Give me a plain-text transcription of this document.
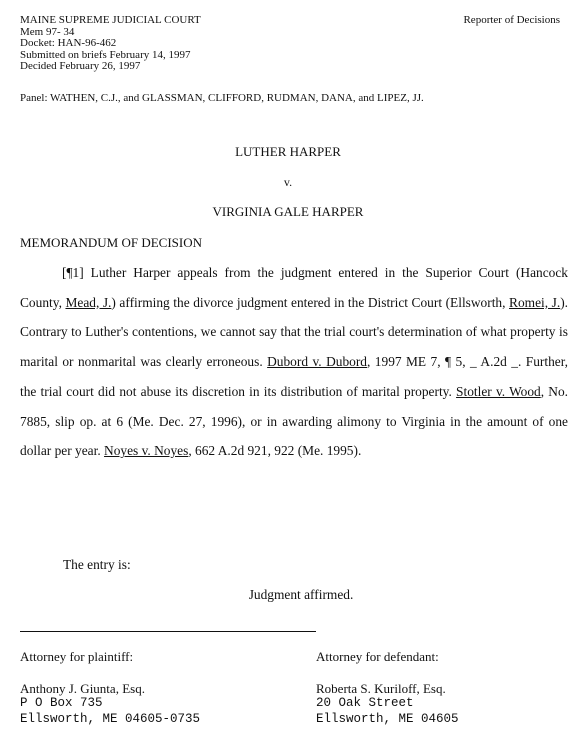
MAINE SUPREME JUDICIAL COURT
Mem 97- 34
Docket: HAN-96-462
Submitted on briefs February 14, 1997
Decided February 26, 1997
Reporter of Decisions
Panel: WATHEN, C.J., and GLASSMAN, CLIFFORD, RUDMAN, DANA, and LIPEZ, JJ.
LUTHER HARPER
v.
VIRGINIA GALE HARPER
MEMORANDUM OF DECISION

[¶1] Luther Harper appeals from the judgment entered in the Superior Court (Hancock County, Mead, J.) affirming the divorce judgment entered in the District Court (Ellsworth, Romei, J.). Contrary to Luther's contentions, we cannot say that the trial court's determination of what property is marital or nonmarital was clearly erroneous. Dubord v. Dubord, 1997 ME 7, ¶ 5, _ A.2d _. Further, the trial court did not abuse its discretion in its distribution of marital property. Stotler v. Wood, No. 7885, slip op. at 6 (Me. Dec. 27, 1996), or in awarding alimony to Virginia in the amount of one dollar per year. Noyes v. Noyes, 662 A.2d 921, 922 (Me. 1995).

The entry is:
Judgment affirmed.
Attorney for plaintiff:
Anthony J. Giunta, Esq.
P O Box 735
Ellsworth, ME 04605-0735
Attorney for defendant:
Roberta S. Kuriloff, Esq.
20 Oak Street
Ellsworth, ME 04605
